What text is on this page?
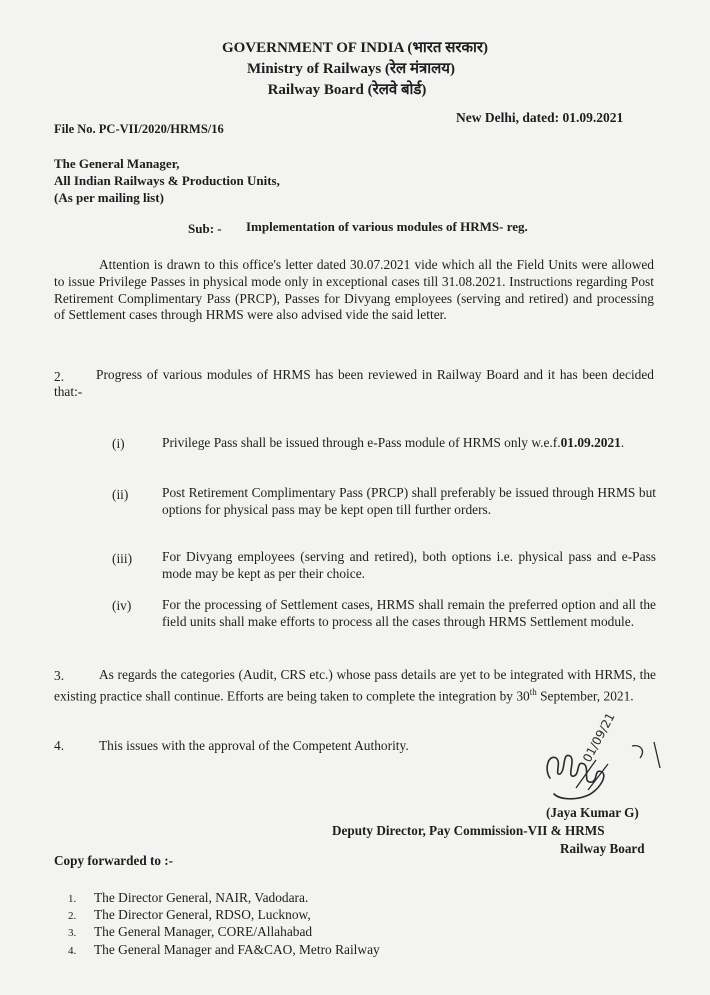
GOVERNMENT OF INDIA (भारत सरकार)
Ministry of Railways (रेल मंत्रालय)
Railway Board (रेलवे बोर्ड)
File No. PC-VII/2020/HRMS/16
New Delhi, dated: 01.09.2021
The General Manager,
All Indian Railways & Production Units,
(As per mailing list)
Sub: - Implementation of various modules of HRMS- reg.
Attention is drawn to this office's letter dated 30.07.2021 vide which all the Field Units were allowed to issue Privilege Passes in physical mode only in exceptional cases till 31.08.2021. Instructions regarding Post Retirement Complimentary Pass (PRCP), Passes for Divyang employees (serving and retired) and processing of Settlement cases through HRMS were also advised vide the said letter.
2.	Progress of various modules of HRMS has been reviewed in Railway Board and it has been decided that:-
(i)	Privilege Pass shall be issued through e-Pass module of HRMS only w.e.f.01.09.2021.
(ii)	Post Retirement Complimentary Pass (PRCP) shall preferably be issued through HRMS but options for physical pass may be kept open till further orders.
(iii) For Divyang employees (serving and retired), both options i.e. physical pass and e-Pass mode may be kept as per their choice.
(iv) For the processing of Settlement cases, HRMS shall remain the preferred option and all the field units shall make efforts to process all the cases through HRMS Settlement module.
3.	As regards the categories (Audit, CRS etc.) whose pass details are yet to be integrated with HRMS, the existing practice shall continue. Efforts are being taken to complete the integration by 30th September, 2021.
4.	This issues with the approval of the Competent Authority.	01/09/21
(Jaya Kumar G)
Deputy Director, Pay Commission-VII & HRMS
Railway Board
Copy forwarded to :-
1. The Director General, NAIR, Vadodara.
2. The Director General, RDSO, Lucknow,
3. The General Manager, CORE/Allahabad
4. The General Manager and FA&CAO, Metro Railway
